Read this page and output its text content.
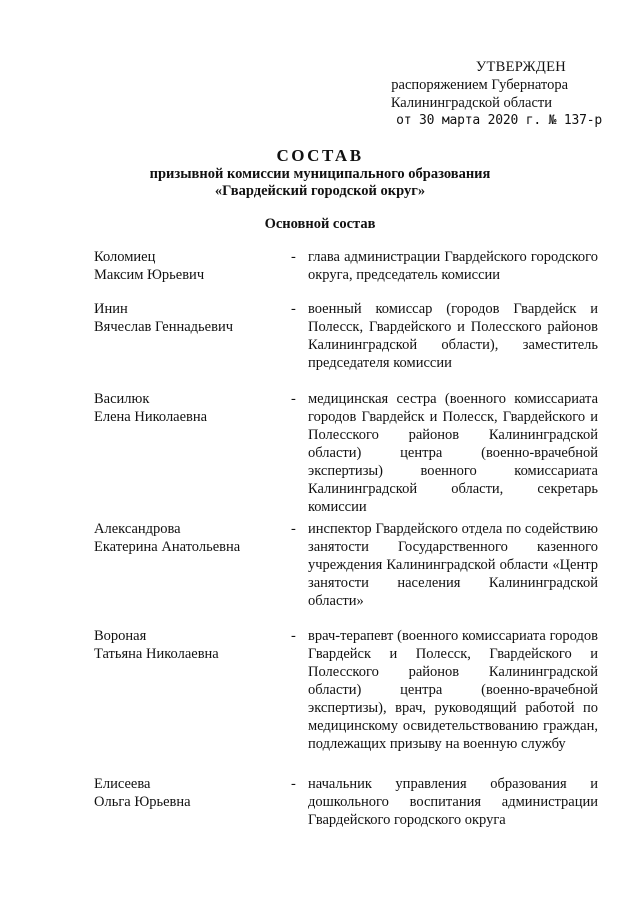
УТВЕРЖДЕН
распоряжением Губернатора
Калининградской области
от 30 марта 2020 г. № 137-р
СОСТАВ
призывной комиссии муниципального образования
«Гвардейский городской округ»
Основной состав
Коломиец
Максим Юрьевич
- глава администрации Гвардейского городского округа, председатель комиссии
Инин
Вячеслав Геннадьевич
- военный комиссар (городов Гвардейск и Полесск, Гвардейского и Полесского районов Калининградской области), заместитель председателя комиссии
Василюк
Елена Николаевна
- медицинская сестра (военного комиссариата городов Гвардейск и Полесск, Гвардейского и Полесского районов Калининградской области) центра (военно-врачебной экспертизы) военного комиссариата Калининградской области, секретарь комиссии
Александрова
Екатерина Анатольевна
- инспектор Гвардейского отдела по содействию занятости Государственного казенного учреждения Калининградской области «Центр занятости населения Калининградской области»
Вороная
Татьяна Николаевна
- врач-терапевт (военного комиссариата городов Гвардейск и Полесск, Гвардейского и Полесского районов Калининградской области) центра (военно-врачебной экспертизы), врач, руководящий работой по медицинскому освидетельствованию граждан, подлежащих призыву на военную службу
Елисеева
Ольга Юрьевна
- начальник управления образования и дошкольного воспитания администрации Гвардейского городского округа
